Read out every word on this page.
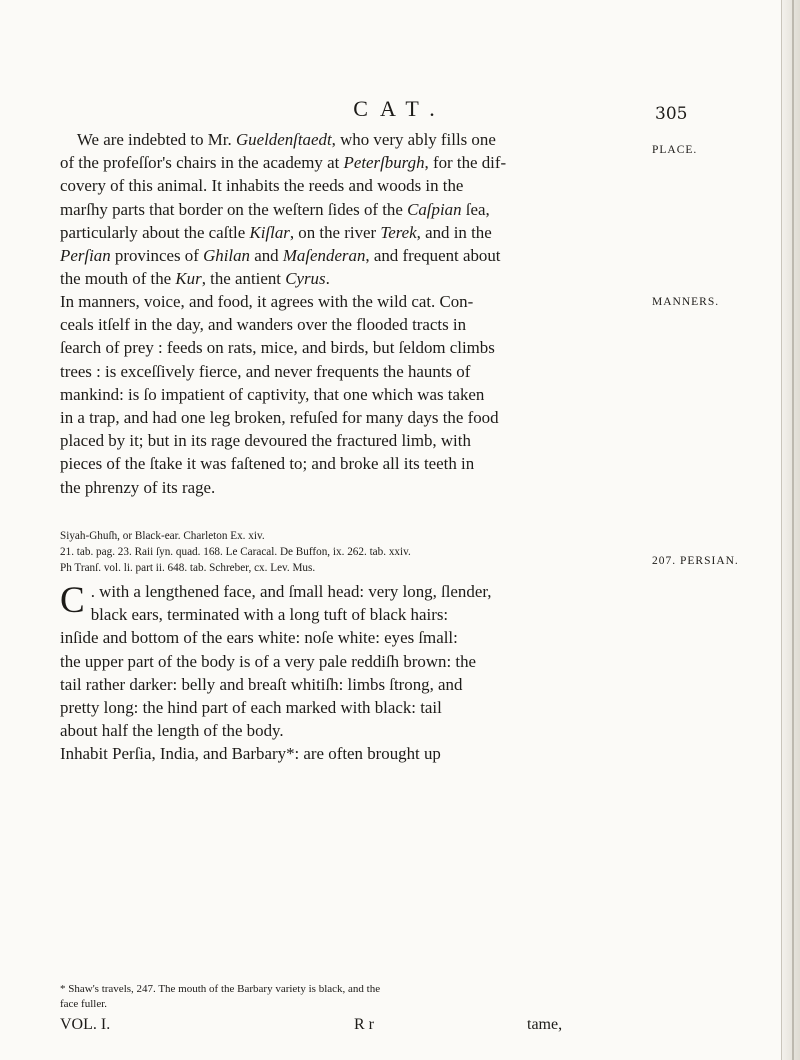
CAT.	305
We are indebted to Mr. Gueldenſtaedt, who very ably fills one
of the profeſſor's chairs in the academy at Peterſburgh, for the dif-
covery of this animal. It inhabits the reeds and woods in the
marſhy parts that border on the weſtern ſides of the Caſpian ſea,
particularly about the caſtle Kiſlar, on the river Terek, and in the
Perſian provinces of Ghilan and Maſenderan, and frequent about
the mouth of the Kur, the antient Cyrus.
In manners, voice, and food, it agrees with the wild cat. Con-
ceals itſelf in the day, and wanders over the flooded tracts in
ſearch of prey : feeds on rats, mice, and birds, but ſeldom climbs
trees : is exceſſively fierce, and never frequents the haunts of
mankind: is ſo impatient of captivity, that one which was taken
in a trap, and had one leg broken, refuſed for many days the food
placed by it; but in its rage devoured the fractured limb, with
pieces of the ſtake it was faſtened to; and broke all its teeth in
the phrenzy of its rage.
PLACE.
MANNERS.
207. PERSIAN.
Siyah-Ghuſh, or Black-ear. Charleton Ex. xiv.
21. tab. pag. 23. Raii ſyn. quad. 168. Le Caracal. De Buffon, ix. 262. tab. xxiv.
Ph Tranſ. vol. li. part ii. 648. tab. Schreber, cx. Lev. Mus.
C . with a lengthened face, and ſmall head: very long, ſlender,
black ears, terminated with a long tuft of black hairs:
inſide and bottom of the ears white: noſe white: eyes ſmall:
the upper part of the body is of a very pale reddiſh brown: the
tail rather darker: belly and breaſt whitiſh: limbs ſtrong, and
pretty long: the hind part of each marked with black: tail
about half the length of the body.
Inhabit Perſia, India, and Barbary*: are often brought up
* Shaw's travels, 247. The mouth of the Barbary variety is black, and the
face fuller.
VOL. I.	R r	tame,
